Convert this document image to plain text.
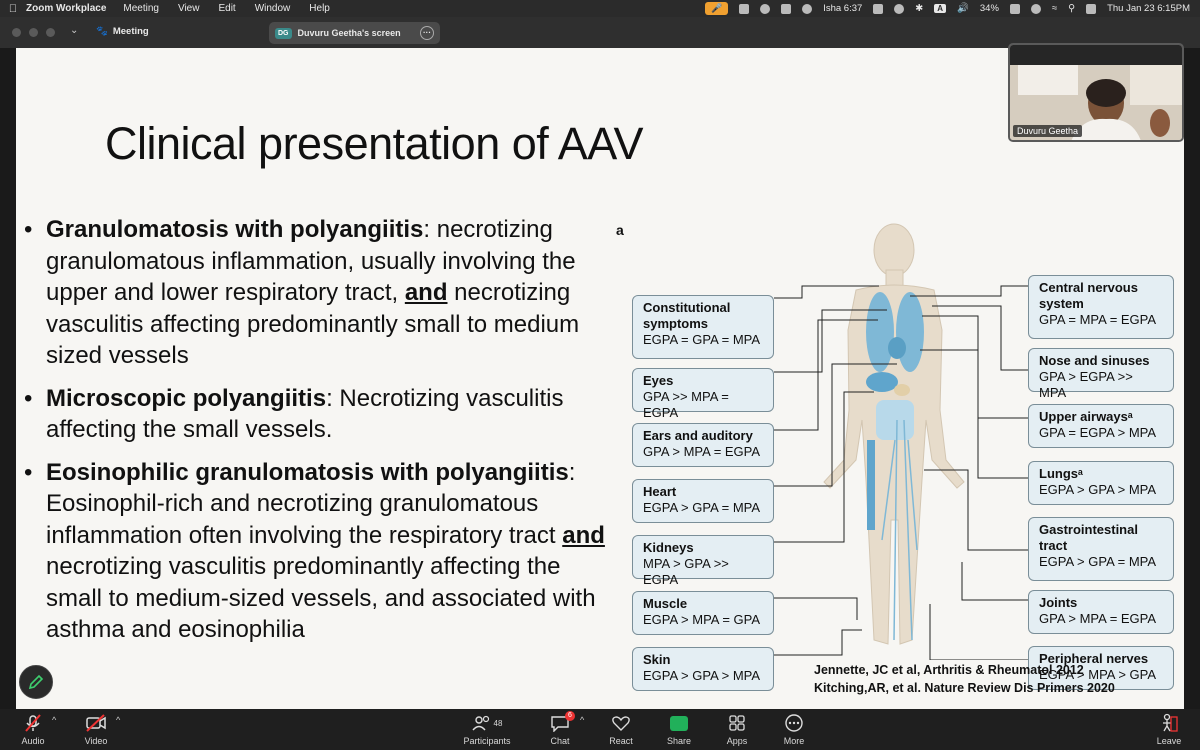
Zoom Workplace Meeting View Edit Window Help	🎤	Isha 6:37	✱	A	🔊 34%	≈ ⚲	Thu Jan 23 6:15PM
⌄ 🐾 Meeting	DG	Duvuru Geetha's screen	···
Clinical presentation of AAV
• Granulomatosis with polyangiitis: necrotizing granulomatous inflammation, usually involving the upper and lower respiratory tract, and necrotizing vasculitis affecting predominantly small to medium sized vessels
• Microscopic polyangiitis: Necrotizing vasculitis affecting the small vessels.
• Eosinophilic granulomatosis with polyangiitis: Eosinophil-rich and necrotizing granulomatous inflammation often involving the respiratory tract and necrotizing vasculitis predominantly affecting the small to medium-sized vessels, and associated with asthma and eosinophilia
a
Constitutional symptoms
EGPA = GPA = MPA
Eyes
GPA >> MPA = EGPA
Ears and auditory
GPA > MPA = EGPA
Heart
EGPA > GPA = MPA
Kidneys
MPA > GPA >> EGPA
Muscle
EGPA > MPA = GPA
Skin
EGPA > GPA > MPA
Central nervous system
GPA = MPA = EGPA
Nose and sinuses
GPA > EGPA >> MPA
Upper airwaysᵃ
GPA = EGPA > MPA
Lungsᵃ
EGPA > GPA > MPA
Gastrointestinal tract
EGPA > GPA = MPA
Joints
GPA > MPA = EGPA
Peripheral nerves
EGPA > MPA > GPA
Jennette, JC et al, Arthritis & Rheumatol 2012
Kitching,AR, et al. Nature Review Dis Primers 2020
Duvuru Geetha
Audio
^
Video
^	48
Participants	Chat
6 ^
React	Share	Apps	More	Leave
